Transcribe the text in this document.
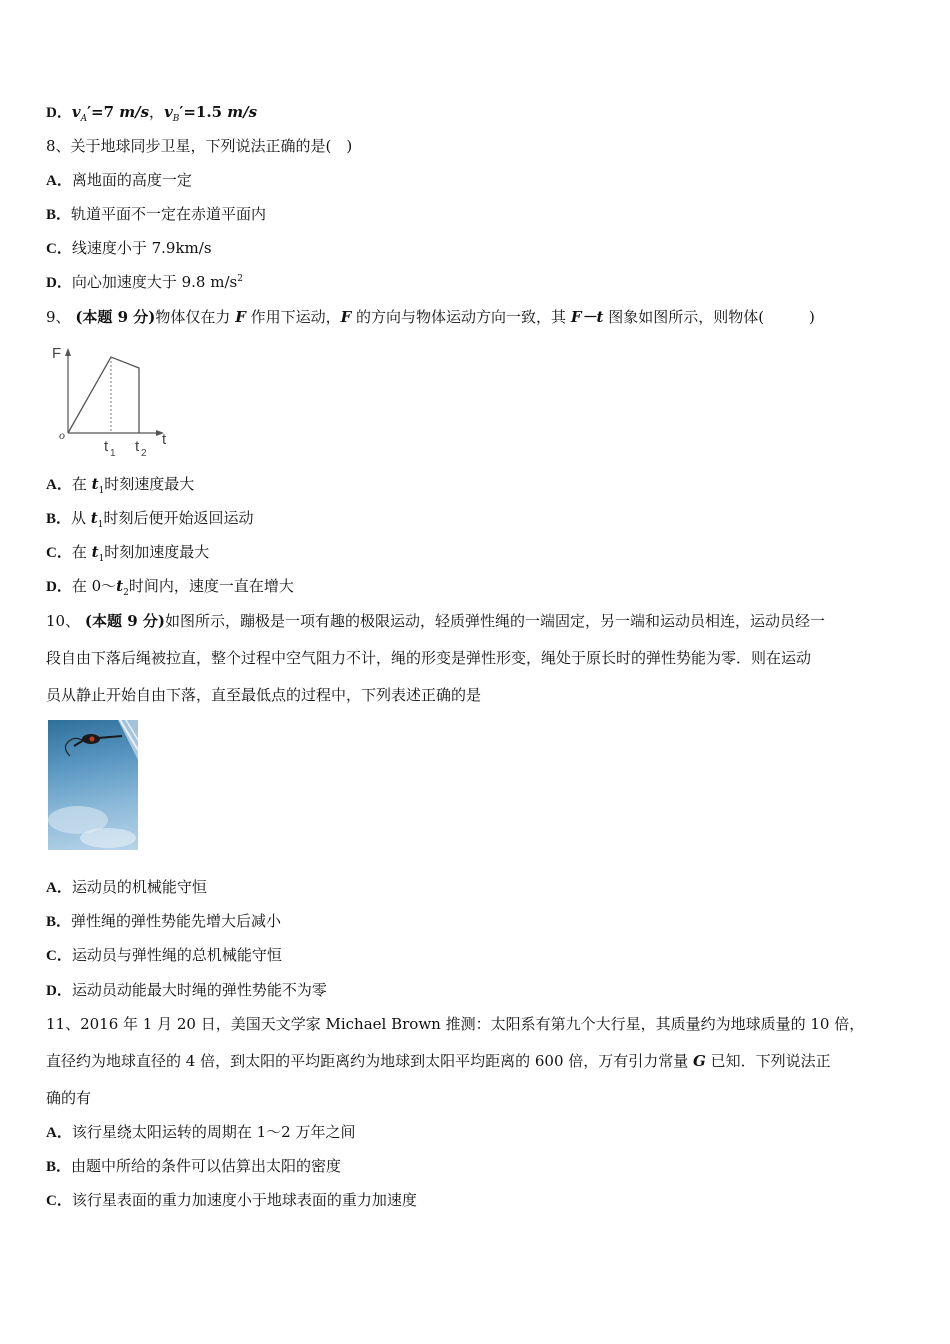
D．$v_A'=7$ m/s，$v_B'=1.5$ m/s
8、关于地球同步卫星，下列说法正确的是(　)
A．离地面的高度一定
B．轨道平面不一定在赤道平面内
C．线速度小于 7.9km/s
D．向心加速度大于 9.8 $m/s^2$
9、 (本题 9 分)物体仅在力 F 作用下运动，F 的方向与物体运动方向一致，其 F－t 图象如图所示，则物体(　　　)
F
t
o
t 1 t 2
A．在 $t_1$时刻速度最大
B．从 $t_1$时刻后便开始返回运动
C．在 $t_1$时刻加速度最大
D．在 $0\sim t_2$时间内，速度一直在增大
10、 (本题 9 分)如图所示，蹦极是一项有趣的极限运动，轻质弹性绳的一端固定，另一端和运动员相连，运动员经一
段自由下落后绳被拉直，整个过程中空气阻力不计，绳的形变是弹性形变，绳处于原长时的弹性势能为零．则在运动
员从静止开始自由下落，直至最低点的过程中，下列表述正确的是
A．运动员的机械能守恒
B．弹性绳的弹性势能先增大后减小
C．运动员与弹性绳的总机械能守恒
D．运动员动能最大时绳的弹性势能不为零
11、2016 年 1 月 20 日，美国天文学家 Michael Brown 推测：太阳系有第九个大行星，其质量约为地球质量的 10 倍，
直径约为地球直径的 4 倍，到太阳的平均距离约为地球到太阳平均距离的 600 倍，万有引力常量 G 已知．下列说法正
确的有
A．该行星绕太阳运转的周期在 1～2 万年之间
B．由题中所给的条件可以估算出太阳的密度
C．该行星表面的重力加速度小于地球表面的重力加速度
